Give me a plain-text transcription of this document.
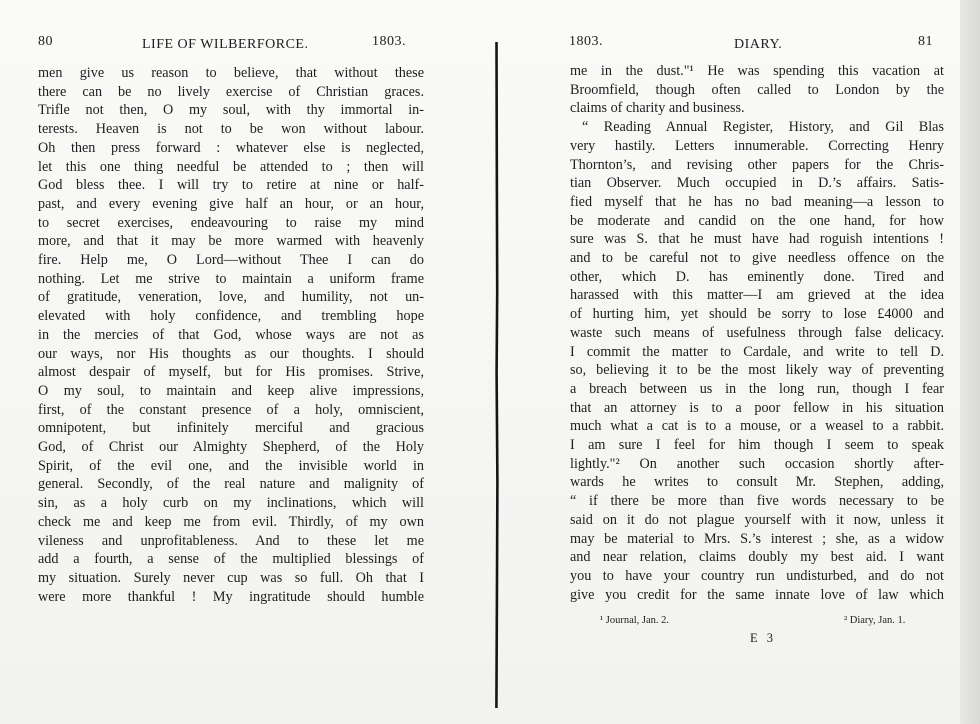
80	LIFE OF WILBERFORCE.	1803.
men give us reason to believe, that without these
there can be no lively exercise of Christian graces.
Trifle not then, O my soul, with thy immortal in-
terests. Heaven is not to be won without labour.
Oh then press forward : whatever else is neglected,
let this one thing needful be attended to ; then will
God bless thee. I will try to retire at nine or half-
past, and every evening give half an hour, or an hour,
to secret exercises, endeavouring to raise my mind
more, and that it may be more warmed with heavenly
fire. Help me, O Lord—without Thee I can do
nothing. Let me strive to maintain a uniform frame
of gratitude, veneration, love, and humility, not un-
elevated with holy confidence, and trembling hope
in the mercies of that God, whose ways are not as
our ways, nor His thoughts as our thoughts. I should
almost despair of myself, but for His promises. Strive,
O my soul, to maintain and keep alive impressions,
first, of the constant presence of a holy, omniscient,
omnipotent, but infinitely merciful and gracious
God, of Christ our Almighty Shepherd, of the Holy
Spirit, of the evil one, and the invisible world in
general. Secondly, of the real nature and malignity of
sin, as a holy curb on my inclinations, which will
check me and keep me from evil. Thirdly, of my own
vileness and unprofitableness. And to these let me
add a fourth, a sense of the multiplied blessings of
my situation. Surely never cup was so full. Oh that I
were more thankful ! My ingratitude should humble
1803.	DIARY.	81
me in the dust."¹ He was spending this vacation at
Broomfield, though often called to London by the
claims of charity and business.
“ Reading Annual Register, History, and Gil Blas
very hastily. Letters innumerable. Correcting Henry
Thornton’s, and revising other papers for the Chris-
tian Observer. Much occupied in D.’s affairs. Satis-
fied myself that he has no bad meaning—a lesson to
be moderate and candid on the one hand, for how
sure was S. that he must have had roguish intentions !
and to be careful not to give needless offence on the
other, which D. has eminently done. Tired and
harassed with this matter—I am grieved at the idea
of hurting him, yet should be sorry to lose £4000 and
waste such means of usefulness through false delicacy.
I commit the matter to Cardale, and write to tell D.
so, believing it to be the most likely way of preventing
a breach between us in the long run, though I fear
that an attorney is to a poor fellow in his situation
much what a cat is to a mouse, or a weasel to a rabbit.
I am sure I feel for him though I seem to speak
lightly."² On another such occasion shortly after-
wards he writes to consult Mr. Stephen, adding,
“ if there be more than five words necessary to be
said on it do not plague yourself with it now, unless it
may be material to Mrs. S.’s interest ; she, as a widow
and near relation, claims doubly my best aid. I want
you to have your country run undisturbed, and do not
give you credit for the same innate love of law which
¹ Journal, Jan. 2.	² Diary, Jan. 1.
E 3
